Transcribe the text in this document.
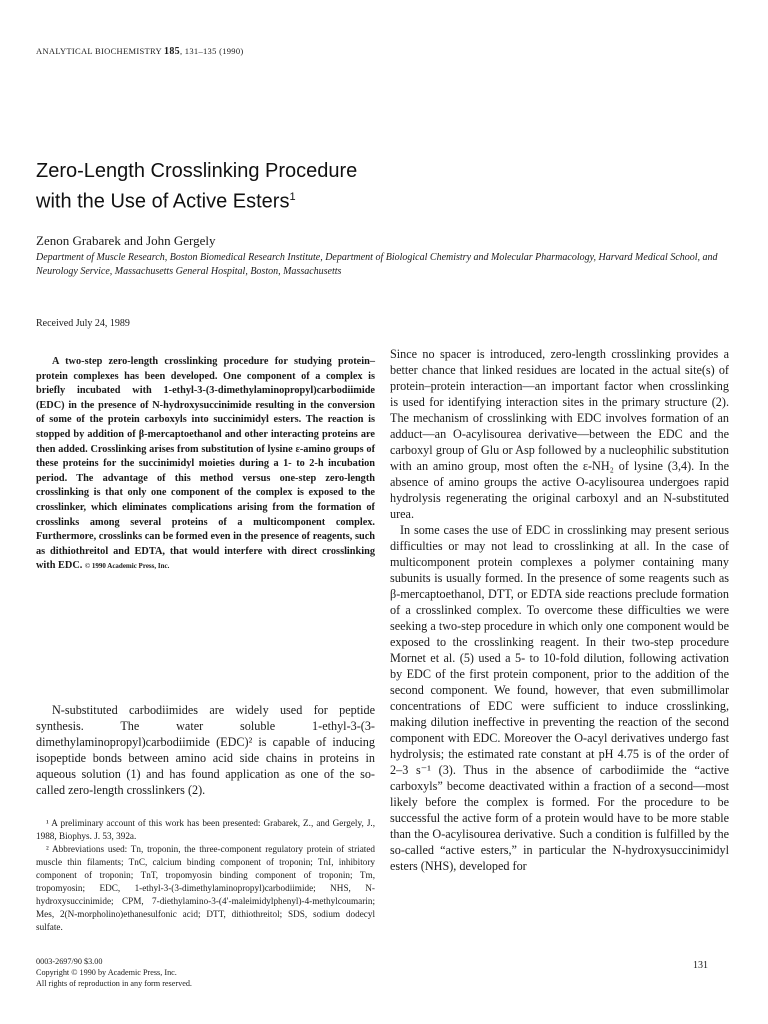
ANALYTICAL BIOCHEMISTRY 185, 131–135 (1990)
Zero-Length Crosslinking Procedure
with the Use of Active Esters$^1$
Zenon Grabarek and John Gergely
Department of Muscle Research, Boston Biomedical Research Institute, Department of Biological Chemistry and Molecular Pharmacology, Harvard Medical School, and Neurology Service, Massachusetts General Hospital, Boston, Massachusetts
Received July 24, 1989
A two-step zero-length crosslinking procedure for studying protein–protein complexes has been developed. One component of a complex is briefly incubated with 1-ethyl-3-(3-dimethylaminopropyl)carbodiimide (EDC) in the presence of N-hydroxysuccinimide resulting in the conversion of some of the protein carboxyls into succinimidyl esters. The reaction is stopped by addition of β-mercaptoethanol and other interacting proteins are then added. Crosslinking arises from substitution of lysine ε-amino groups of these proteins for the succinimidyl moieties during a 1- to 2-h incubation period. The advantage of this method versus one-step zero-length crosslinking is that only one component of the complex is exposed to the crosslinker, which eliminates complications arising from the formation of crosslinks among several proteins of a multicomponent complex. Furthermore, crosslinks can be formed even in the presence of reagents, such as dithiothreitol and EDTA, that would interfere with direct crosslinking with EDC. © 1990 Academic Press, Inc.

N-substituted carbodiimides are widely used for peptide synthesis. The water soluble 1-ethyl-3-(3-dimethylaminopropyl)carbodiimide (EDC)² is capable of inducing isopeptide bonds between amino acid side chains in proteins in aqueous solution (1) and has found application as one of the so-called zero-length crosslinkers (2).

¹ A preliminary account of this work has been presented: Grabarek, Z., and Gergely, J., 1988, Biophys. J. 53, 392a.

² Abbreviations used: Tn, troponin, the three-component regulatory protein of striated muscle thin filaments; TnC, calcium binding component of troponin; TnI, inhibitory component of troponin; TnT, tropomyosin binding component of troponin; Tm, tropomyosin; EDC, 1-ethyl-3-(3-dimethylaminopropyl)carbodiimide; NHS, N-hydroxysuccinimide; CPM, 7-diethylamino-3-(4′-maleimidylphenyl)-4-methylcoumarin; Mes, 2(N-morpholino)ethanesulfonic acid; DTT, dithiothreitol; SDS, sodium dodecyl sulfate.

0003-2697/90 $3.00
Copyright © 1990 by Academic Press, Inc.
All rights of reproduction in any form reserved.

Since no spacer is introduced, zero-length crosslinking provides a better chance that linked residues are located in the actual site(s) of protein–protein interaction—an important factor when crosslinking is used for identifying interaction sites in the primary structure (2). The mechanism of crosslinking with EDC involves formation of an adduct—an O-acylisourea derivative—between the EDC and the carboxyl group of Glu or Asp followed by a nucleophilic substitution with an amino group, most often the ε-NH₂ of lysine (3,4). In the absence of amino groups the active O-acylisourea undergoes rapid hydrolysis regenerating the original carboxyl and an N-substituted urea.

In some cases the use of EDC in crosslinking may present serious difficulties or may not lead to crosslinking at all. In the case of multicomponent protein complexes a polymer containing many subunits is usually formed. In the presence of some reagents such as β-mercaptoethanol, DTT, or EDTA side reactions preclude formation of a crosslinked complex. To overcome these difficulties we were seeking a two-step procedure in which only one component would be exposed to the crosslinking reagent. In their two-step procedure Mornet et al. (5) used a 5- to 10-fold dilution, following activation by EDC of the first protein component, prior to the addition of the second component. We found, however, that even submillimolar concentrations of EDC were sufficient to induce crosslinking, making dilution ineffective in preventing the reaction of the second component with EDC. Moreover the O-acyl derivatives undergo fast hydrolysis; the estimated rate constant at pH 4.75 is of the order of 2–3 s⁻¹ (3). Thus in the absence of carbodiimide the “active carboxyls” become deactivated within a fraction of a second—most likely before the complex is formed. For the procedure to be successful the active form of a protein would have to be more stable than the O-acylisourea derivative. Such a condition is fulfilled by the so-called “active esters,” in particular the N-hydroxysuccinimidyl esters (NHS), developed for

131
